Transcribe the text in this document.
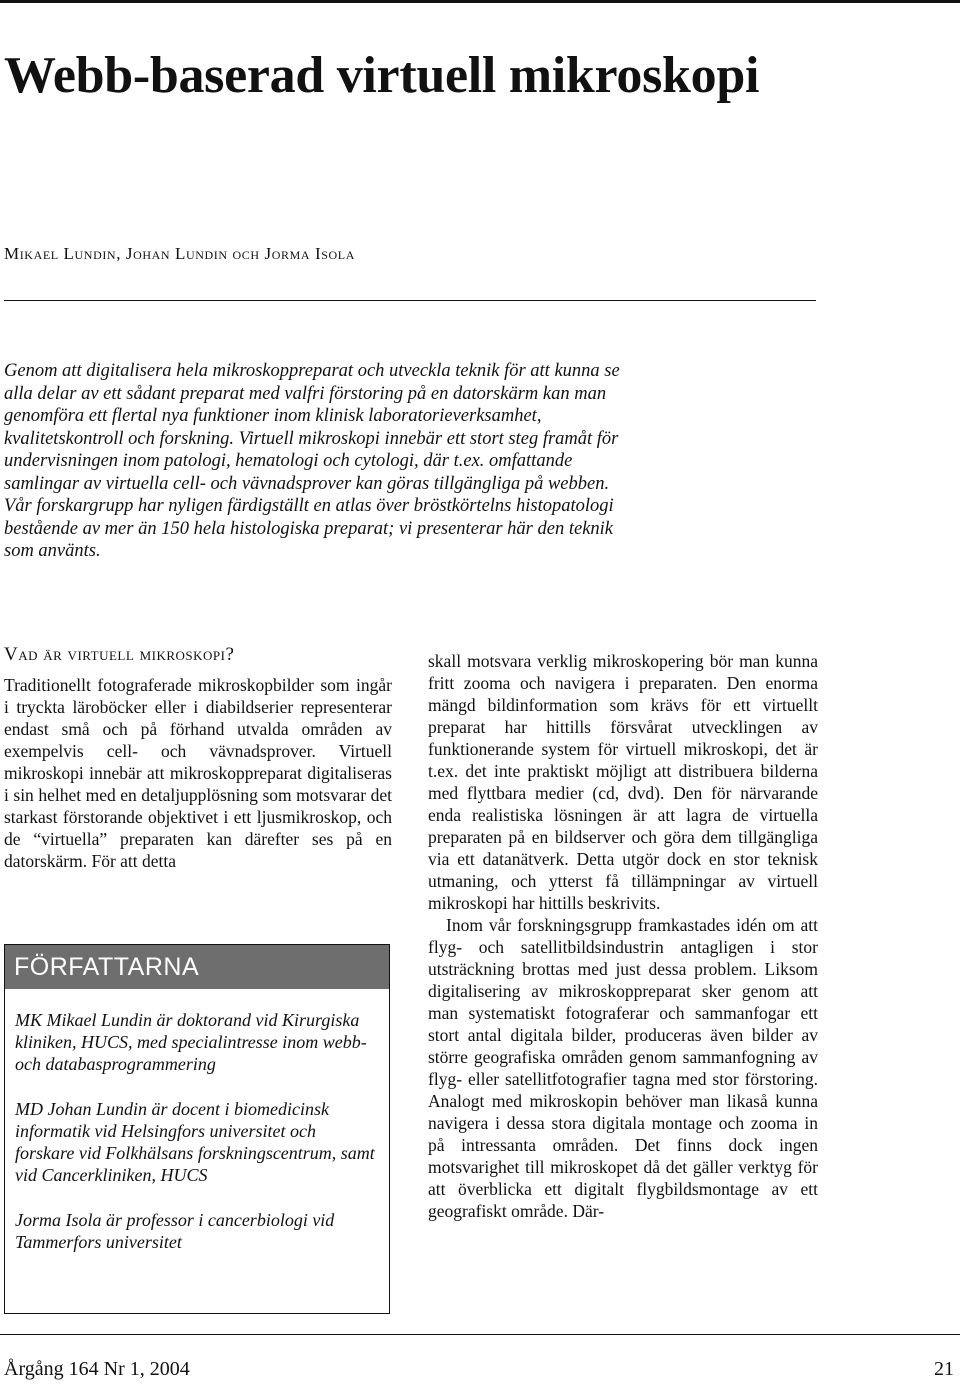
Webb-baserad virtuell mikroskopi
Mikael Lundin, Johan Lundin och Jorma Isola

Genom att digitalisera hela mikroskoppreparat och utveckla teknik för att kunna se alla delar av ett sådant preparat med valfri förstoring på en datorskärm kan man genomföra ett flertal nya funktioner inom klinisk laboratorieverksamhet, kvalitetskontroll och forskning. Virtuell mikroskopi innebär ett stort steg framåt för undervisningen inom patologi, hematologi och cytologi, där t.ex. omfattande samlingar av virtuella cell- och vävnadsprover kan göras tillgängliga på webben. Vår forskargrupp har nyligen färdigställt en atlas över bröstkörtelns histopatologi bestående av mer än 150 hela histologiska preparat; vi presenterar här den teknik som använts.

Vad är virtuell mikroskopi?

Traditionellt fotograferade mikroskopbilder som ingår i tryckta läroböcker eller i diabildserier representerar endast små och på förhand utvalda områden av exempelvis cell- och vävnadsprover. Virtuell mikroskopi innebär att mikroskoppreparat digitaliseras i sin helhet med en detaljupplösning som motsvarar det starkast förstorande objektivet i ett ljusmikroskop, och de “virtuella” preparaten kan därefter ses på en datorskärm. För att detta

FÖRFATTARNA

MK Mikael Lundin är doktorand vid Kirurgiska kliniken, HUCS, med specialintresse inom webb- och databasprogrammering

MD Johan Lundin är docent i biomedicinsk informatik vid Helsingfors universitet och forskare vid Folkhälsans forskningscentrum, samt vid Cancerkliniken, HUCS

Jorma Isola är professor i cancerbiologi vid Tammerfors universitet

skall motsvara verklig mikroskopering bör man kunna fritt zooma och navigera i preparaten. Den enorma mängd bildinformation som krävs för ett virtuellt preparat har hittills försvårat utvecklingen av funktionerande system för virtuell mikroskopi, det är t.ex. det inte praktiskt möjligt att distribuera bilderna med flyttbara medier (cd, dvd). Den för närvarande enda realistiska lösningen är att lagra de virtuella preparaten på en bildserver och göra dem tillgängliga via ett datanätverk. Detta utgör dock en stor teknisk utmaning, och ytterst få tillämpningar av virtuell mikroskopi har hittills beskrivits.

Inom vår forskningsgrupp framkastades idén om att flyg- och satellitbildsindustrin antagligen i stor utsträckning brottas med just dessa problem. Liksom digitalisering av mikroskoppreparat sker genom att man systematiskt fotograferar och sammanfogar ett stort antal digitala bilder, produceras även bilder av större geografiska områden genom sammanfogning av flyg- eller satellitfotografier tagna med stor förstoring. Analogt med mikroskopin behöver man likaså kunna navigera i dessa stora digitala montage och zooma in på intressanta områden. Det finns dock ingen motsvarighet till mikroskopet då det gäller verktyg för att överblicka ett digitalt flygbildsmontage av ett geografiskt område. Där-

Årgång 164 Nr 1, 2004	21
